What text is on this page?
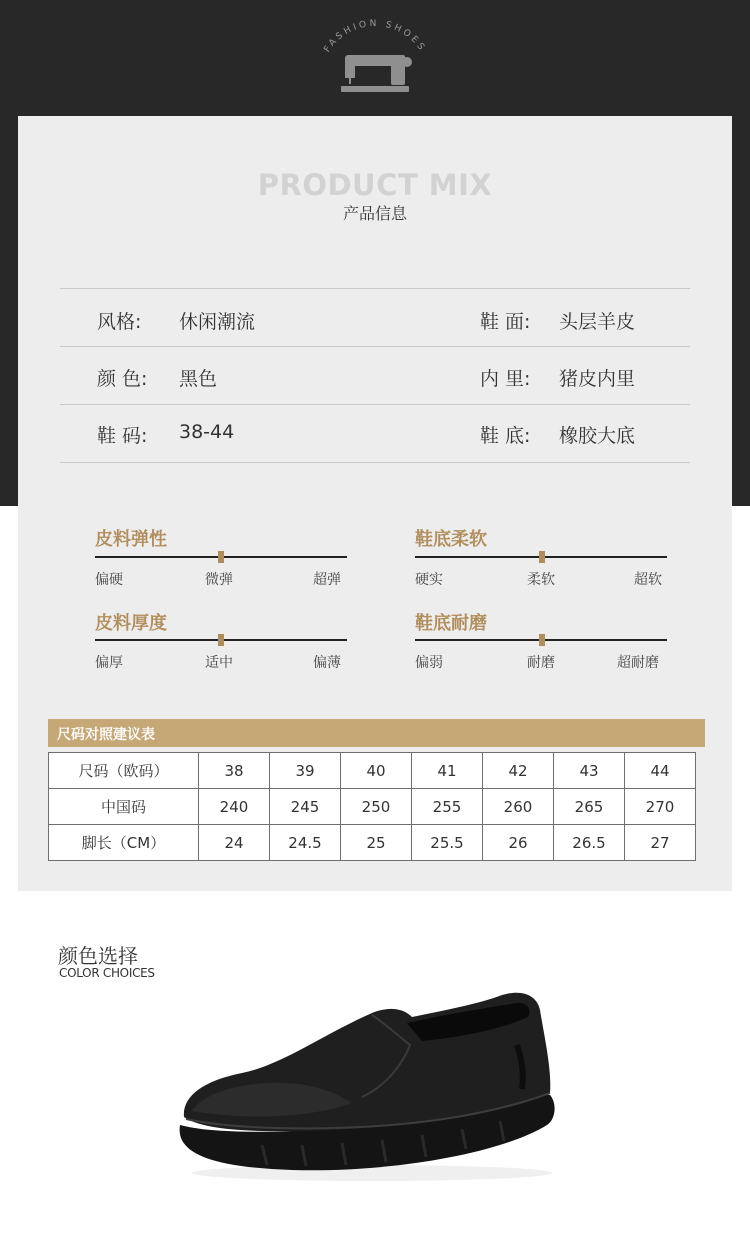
FASHION SHOES
PRODUCT MIX
产品信息
风格: 休闲潮流	鞋 面: 头层羊皮
颜 色: 黑色	内 里: 猪皮内里
鞋 码: 38-44	鞋 底: 橡胶大底
皮料弹性
偏硬	微弹	超弹
鞋底柔软
硬实	柔软	超软
皮料厚度
偏厚	适中	偏薄
鞋底耐磨
偏弱	耐磨	超耐磨
尺码对照建议表
尺码（欧码）	38	39	40	41	42	43	44
中国码	240	245	250	255	260	265	270
脚长（CM）	24	24.5	25	25.5	26	26.5	27
颜色选择
COLOR CHOICES
